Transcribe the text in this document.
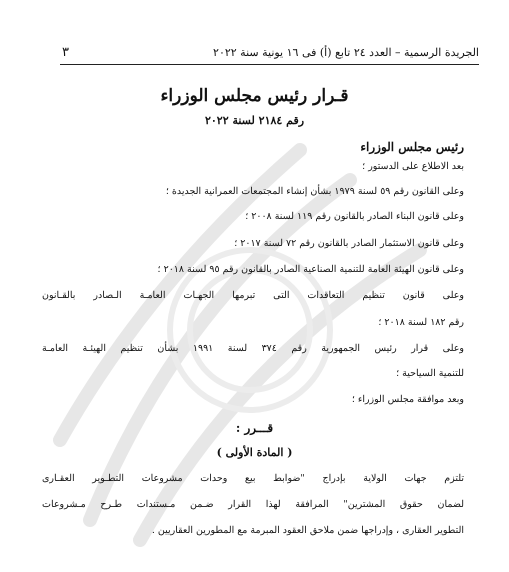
٣	الجريدة الرسمية – العدد ٢٤ تابع (أ) فى ١٦ يونية سنة ٢٠٢٢
قـرار رئيس مجلس الوزراء
رقم ٢١٨٤ لسنة ٢٠٢٢
رئيس مجلس الوزراء
بعد الاطلاع على الدستور ؛
وعلى القانون رقم ٥٩ لسنة ١٩٧٩ بشأن إنشاء المجتمعات العمرانية الجديدة ؛
وعلى قانون البناء الصادر بالقانون رقم ١١٩ لسنة ٢٠٠٨ ؛
وعلى قانون الاستثمار الصادر بالقانون رقم ٧٢ لسنة ٢٠١٧ ؛
وعلى قانون الهيئة العامة للتنمية الصناعية الصادر بالقانون رقم ٩٥ لسنة ٢٠١٨ ؛
وعلى قانون تنظيم التعاقدات التى تبرمها الجهـات العامـة الـصادر بالقـانون
رقم ١٨٢ لسنة ٢٠١٨ ؛
وعلى قرار رئيس الجمهورية رقم ٣٧٤ لسنة ١٩٩١ بشأن تنظيم الهيئـة العامـة
للتنمية السياحية ؛
وبعد موافقة مجلس الوزراء ؛
قـــرر :
( المادة الأولى )
تلتزم جهات الولاية بإدراج "ضوابط بيع وحدات مشروعات التطـوير العقـارى
لضمان حقوق المشترين" المرافقة لهذا القرار ضـمن مـستندات طـرح مـشروعات
التطوير العقارى ، وإدراجها ضمن ملاحق العقود المبرمة مع المطورين العقاريين .
